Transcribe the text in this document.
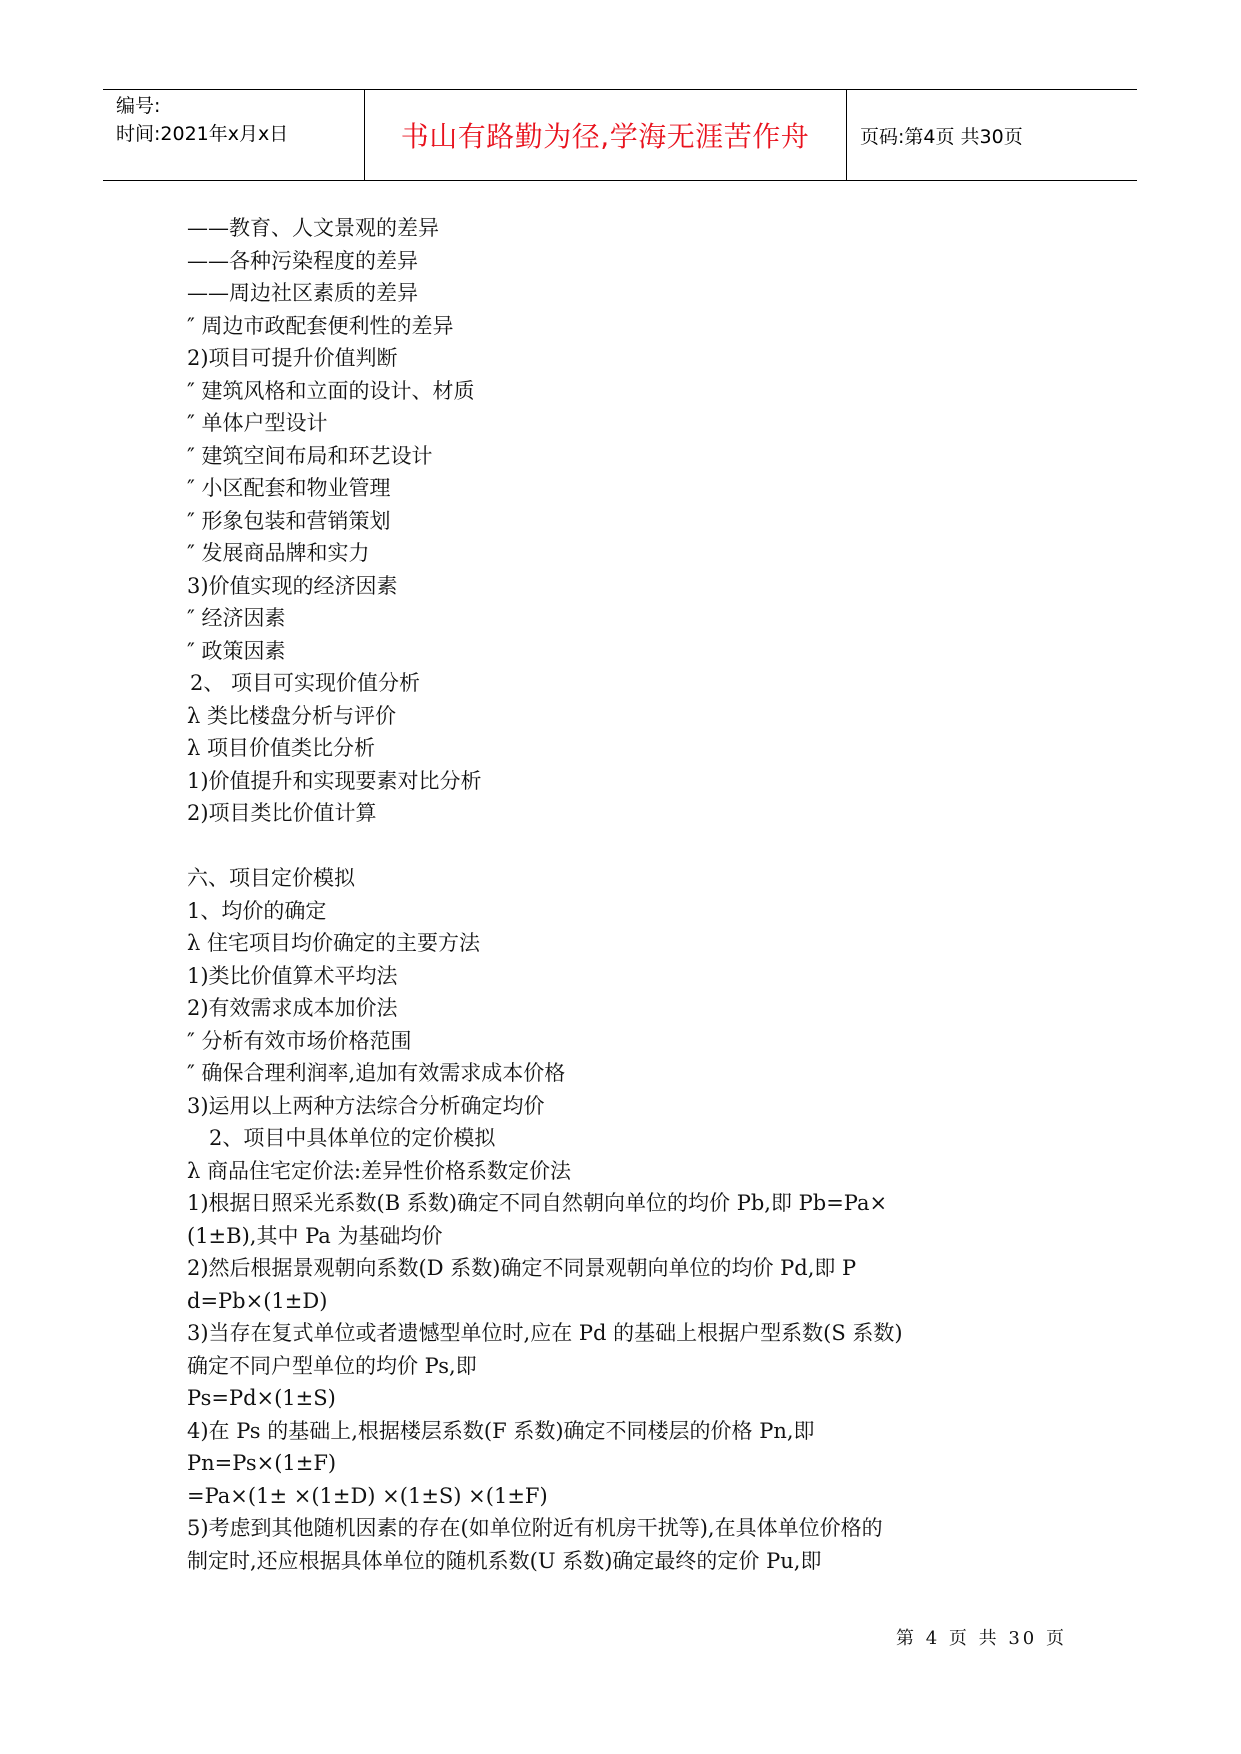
编号:
时间:2021年x月x日	书山有路勤为径,学海无涯苦作舟	页码:第4页 共30页
——教育、人文景观的差异
——各种污染程度的差异
——周边社区素质的差异
″ 周边市政配套便利性的差异
2)项目可提升价值判断
″ 建筑风格和立面的设计、材质
″ 单体户型设计
″ 建筑空间布局和环艺设计
″ 小区配套和物业管理
″ 形象包装和营销策划
″ 发展商品牌和实力
3)价值实现的经济因素
″ 经济因素
″ 政策因素
2、 项目可实现价值分析
λ 类比楼盘分析与评价
λ 项目价值类比分析
1)价值提升和实现要素对比分析
2)项目类比价值计算
六、项目定价模拟
1、均价的确定
λ 住宅项目均价确定的主要方法
1)类比价值算术平均法
2)有效需求成本加价法
″ 分析有效市场价格范围
″ 确保合理利润率,追加有效需求成本价格
3)运用以上两种方法综合分析确定均价
2、项目中具体单位的定价模拟
λ 商品住宅定价法:差异性价格系数定价法
1)根据日照采光系数(B 系数)确定不同自然朝向单位的均价 Pb,即 Pb=Pa×
(1±B),其中 Pa 为基础均价
2)然后根据景观朝向系数(D 系数)确定不同景观朝向单位的均价 Pd,即 P
d=Pb×(1±D)
3)当存在复式单位或者遗憾型单位时,应在 Pd 的基础上根据户型系数(S 系数)
确定不同户型单位的均价 Ps,即
Ps=Pd×(1±S)
4)在 Ps 的基础上,根据楼层系数(F 系数)确定不同楼层的价格 Pn,即
Pn=Ps×(1±F)
=Pa×(1± ×(1±D) ×(1±S) ×(1±F)
5)考虑到其他随机因素的存在(如单位附近有机房干扰等),在具体单位价格的
制定时,还应根据具体单位的随机系数(U 系数)确定最终的定价 Pu,即
第 4 页 共 30 页
